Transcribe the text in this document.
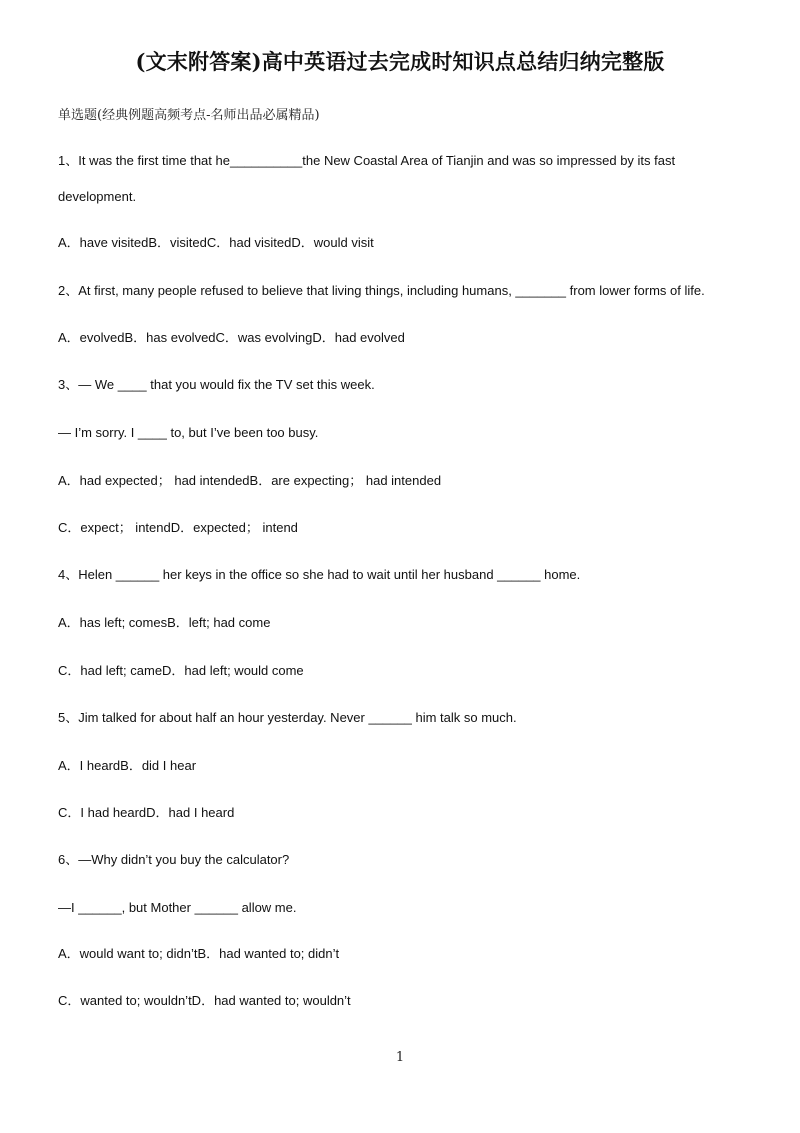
(文末附答案)高中英语过去完成时知识点总结归纳完整版
单选题(经典例题高频考点-名师出品必属精品)
1、It was the first time that he__________the New Coastal Area of Tianjin and was so impressed by its fast
development.
A．have visitedB．visitedC．had visitedD．would visit
2、At first, many people refused to believe that living things, including humans, _______ from lower forms of life.
A．evolvedB．has evolvedC．was evolvingD．had evolved
3、— We ____ that you would fix the TV set this week.
— I’m sorry. I ____ to, but I’ve been too busy.
A．had expected； had intendedB．are expecting； had intended
C．expect； intendD．expected； intend
4、Helen ______ her keys in the office so she had to wait until her husband ______ home.
A．has left; comesB．left; had come
C．had left; cameD．had left; would come
5、Jim talked for about half an hour yesterday. Never ______ him talk so much.
A．I heardB．did I hear
C．I had heardD．had I heard
6、—Why didn’t you buy the calculator?
—I ______, but Mother ______ allow me.
A．would want to; didn’tB．had wanted to; didn’t
C．wanted to; wouldn’tD．had wanted to; wouldn’t
1
